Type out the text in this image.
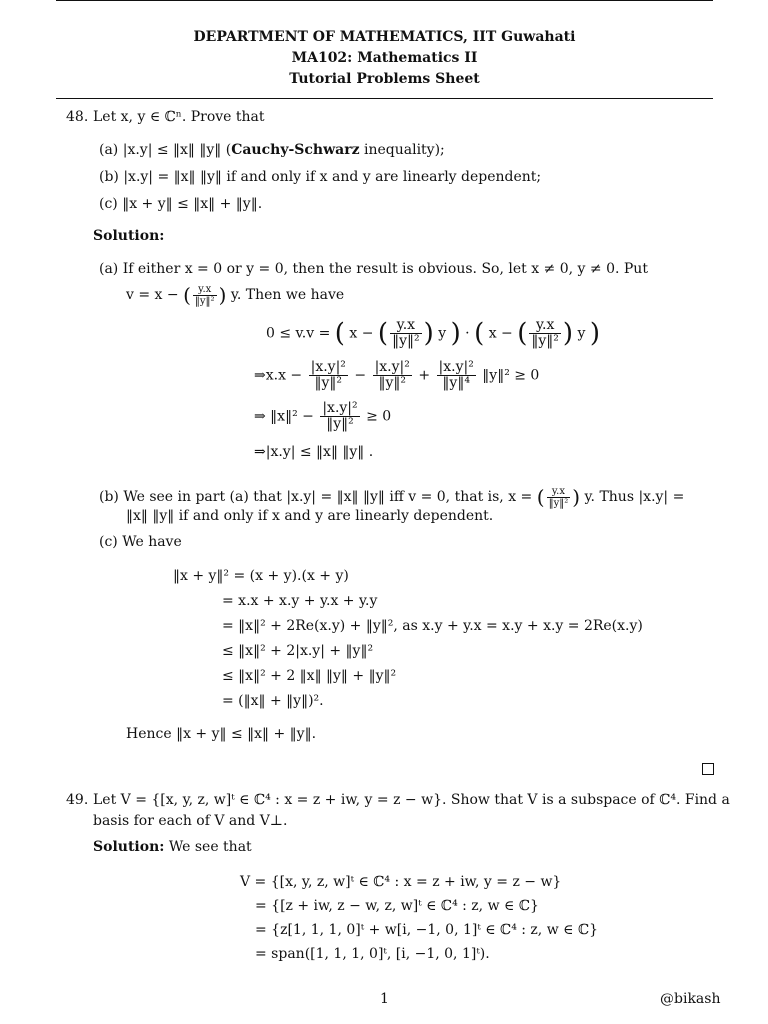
DEPARTMENT OF MATHEMATICS, IIT Guwahati
MA102: Mathematics II
Tutorial Problems Sheet
48. Let x, y ∈ ℂⁿ. Prove that
(a) |x.y| ≤ ‖x‖ ‖y‖ (Cauchy-Schwarz inequality);
(b) |x.y| = ‖x‖ ‖y‖ if and only if x and y are linearly dependent;
(c) ‖x + y‖ ≤ ‖x‖ + ‖y‖.
Solution:
(a) If either x = 0 or y = 0, then the result is obvious. So, let x ≠ 0, y ≠ 0. Put
v = x − ( $\frac{y.x}{\text{‖y‖²}}$ ) y. Then we have
0 ≤ v.v = ( x − ( $\frac{y.x}{\text{‖y‖²}}$ ) y ) · ( x − ( $\frac{y.x}{\text{‖y‖²}}$ ) y )
⇒x.x − $\frac{\text{|x.y|²}}{\text{‖y‖²}} - \frac{\text{|x.y|²}}{\text{‖y‖²}} + \frac{\text{|x.y|²}}{\text{‖y‖⁴}}$ ‖y‖² ≥ 0
⇒ ‖x‖² − $\frac{\text{|x.y|²}}{\text{‖y‖²}} \ge 0$
⇒|x.y| ≤ ‖x‖ ‖y‖ .
(b) We see in part (a) that |x.y| = ‖x‖ ‖y‖ iff v = 0, that is, x = ( $\frac{y.x}{\text{‖y‖²}}$ ) y. Thus |x.y| =
‖x‖ ‖y‖ if and only if x and y are linearly dependent.
(c) We have
‖x + y‖² = (x + y).(x + y)
= x.x + x.y + y.x + y.y
= ‖x‖² + 2Re(x.y) + ‖y‖², as x.y + y.x = x.y + x.y = 2Re(x.y)
≤ ‖x‖² + 2|x.y| + ‖y‖²
≤ ‖x‖² + 2 ‖x‖ ‖y‖ + ‖y‖²
= (‖x‖ + ‖y‖)².
Hence ‖x + y‖ ≤ ‖x‖ + ‖y‖.
49. Let V = {[x, y, z, w]ᵗ ∈ ℂ⁴ : x = z + iw, y = z − w}. Show that V is a subspace of ℂ⁴. Find a
basis for each of V and V⊥.
Solution: We see that
V = {[x, y, z, w]ᵗ ∈ ℂ⁴ : x = z + iw, y = z − w}
= {[z + iw, z − w, z, w]ᵗ ∈ ℂ⁴ : z, w ∈ ℂ}
= {z[1, 1, 1, 0]ᵗ + w[i, −1, 0, 1]ᵗ ∈ ℂ⁴ : z, w ∈ ℂ}
= span([1, 1, 1, 0]ᵗ, [i, −1, 0, 1]ᵗ).
1	@bikash
